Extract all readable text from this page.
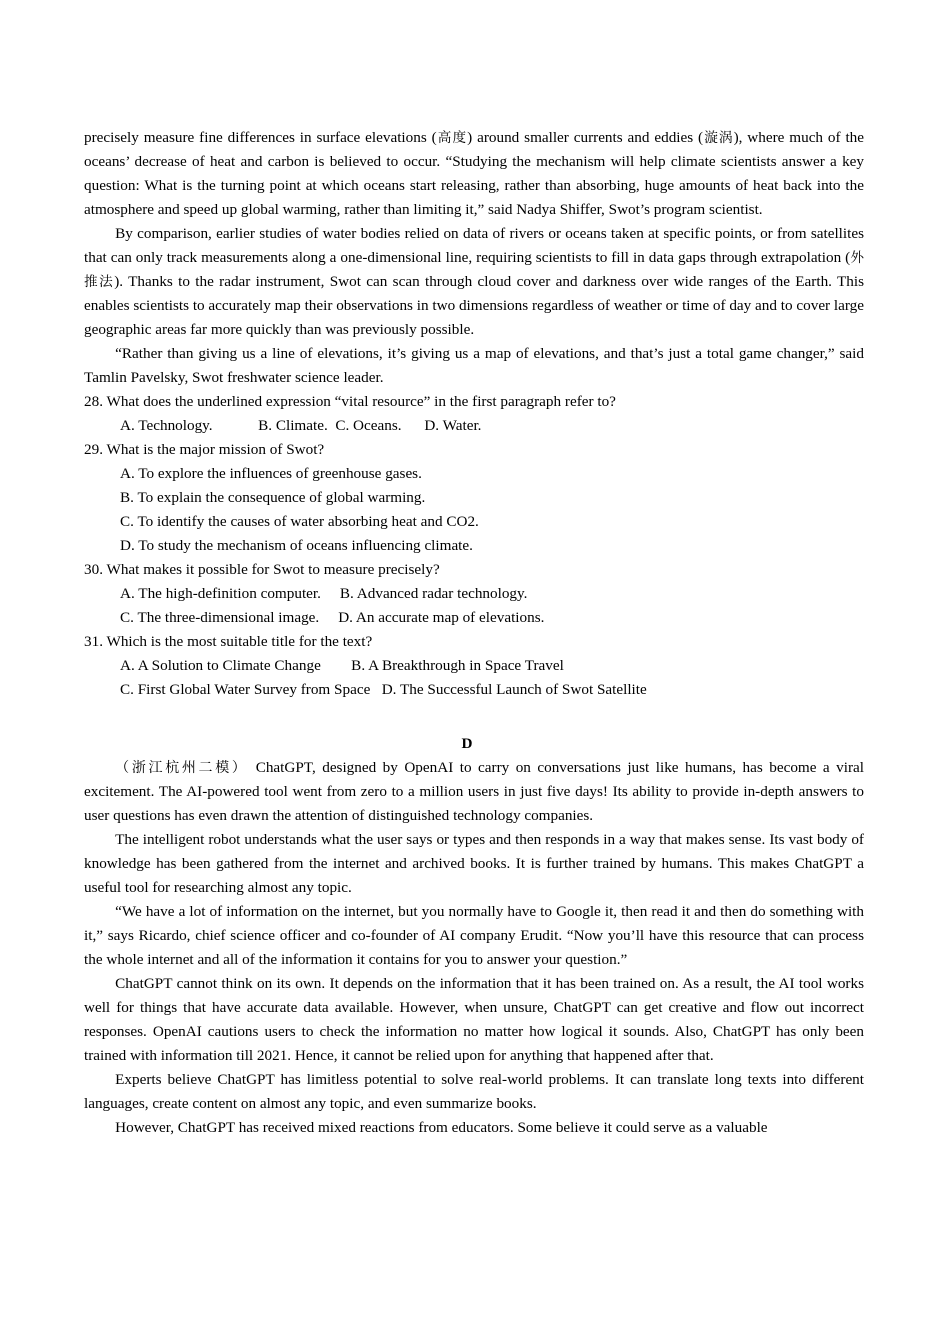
precisely measure fine differences in surface elevations (高度) around smaller currents and eddies (漩涡), where much of the oceans’ decrease of heat and carbon is believed to occur. “Studying the mechanism will help climate scientists answer a key question: What is the turning point at which oceans start releasing, rather than absorbing, huge amounts of heat back into the atmosphere and speed up global warming, rather than limiting it,” said Nadya Shiffer, Swot’s program scientist.

By comparison, earlier studies of water bodies relied on data of rivers or oceans taken at specific points, or from satellites that can only track measurements along a one-dimensional line, requiring scientists to fill in data gaps through extrapolation (外推法). Thanks to the radar instrument, Swot can scan through cloud cover and darkness over wide ranges of the Earth. This enables scientists to accurately map their observations in two dimensions regardless of weather or time of day and to cover large geographic areas far more quickly than was previously possible.

“Rather than giving us a line of elevations, it’s giving us a map of elevations, and that’s just a total game changer,” said Tamlin Pavelsky, Swot freshwater science leader.

28. What does the underlined expression “vital resource” in the first paragraph refer to?

A. Technology.            B. Climate.  C. Oceans.      D. Water.

29. What is the major mission of Swot?

A. To explore the influences of greenhouse gases.

B. To explain the consequence of global warming.

C. To identify the causes of water absorbing heat and CO2.

D. To study the mechanism of oceans influencing climate.

30. What makes it possible for Swot to measure precisely?

A. The high-definition computer.     B. Advanced radar technology.

C. The three-dimensional image.     D. An accurate map of elevations.

31. Which is the most suitable title for the text?

A. A Solution to Climate Change        B. A Breakthrough in Space Travel

C. First Global Water Survey from Space   D. The Successful Launch of Swot Satellite

D

（浙江杭州二模） ChatGPT, designed by OpenAI to carry on conversations just like humans, has become a viral excitement. The AI-powered tool went from zero to a million users in just five days! Its ability to provide in-depth answers to user questions has even drawn the attention of distinguished technology companies.

The intelligent robot understands what the user says or types and then responds in a way that makes sense. Its vast body of knowledge has been gathered from the internet and archived books. It is further trained by humans. This makes ChatGPT a useful tool for researching almost any topic.

“We have a lot of information on the internet, but you normally have to Google it, then read it and then do something with it,” says Ricardo, chief science officer and co-founder of AI company Erudit. “Now you’ll have this resource that can process the whole internet and all of the information it contains for you to answer your question.”

ChatGPT cannot think on its own. It depends on the information that it has been trained on. As a result, the AI tool works well for things that have accurate data available. However, when unsure, ChatGPT can get creative and flow out incorrect responses. OpenAI cautions users to check the information no matter how logical it sounds. Also, ChatGPT has only been trained with information till 2021. Hence, it cannot be relied upon for anything that happened after that.

Experts believe ChatGPT has limitless potential to solve real-world problems. It can translate long texts into different languages, create content on almost any topic, and even summarize books.

However, ChatGPT has received mixed reactions from educators. Some believe it could serve as a valuable
